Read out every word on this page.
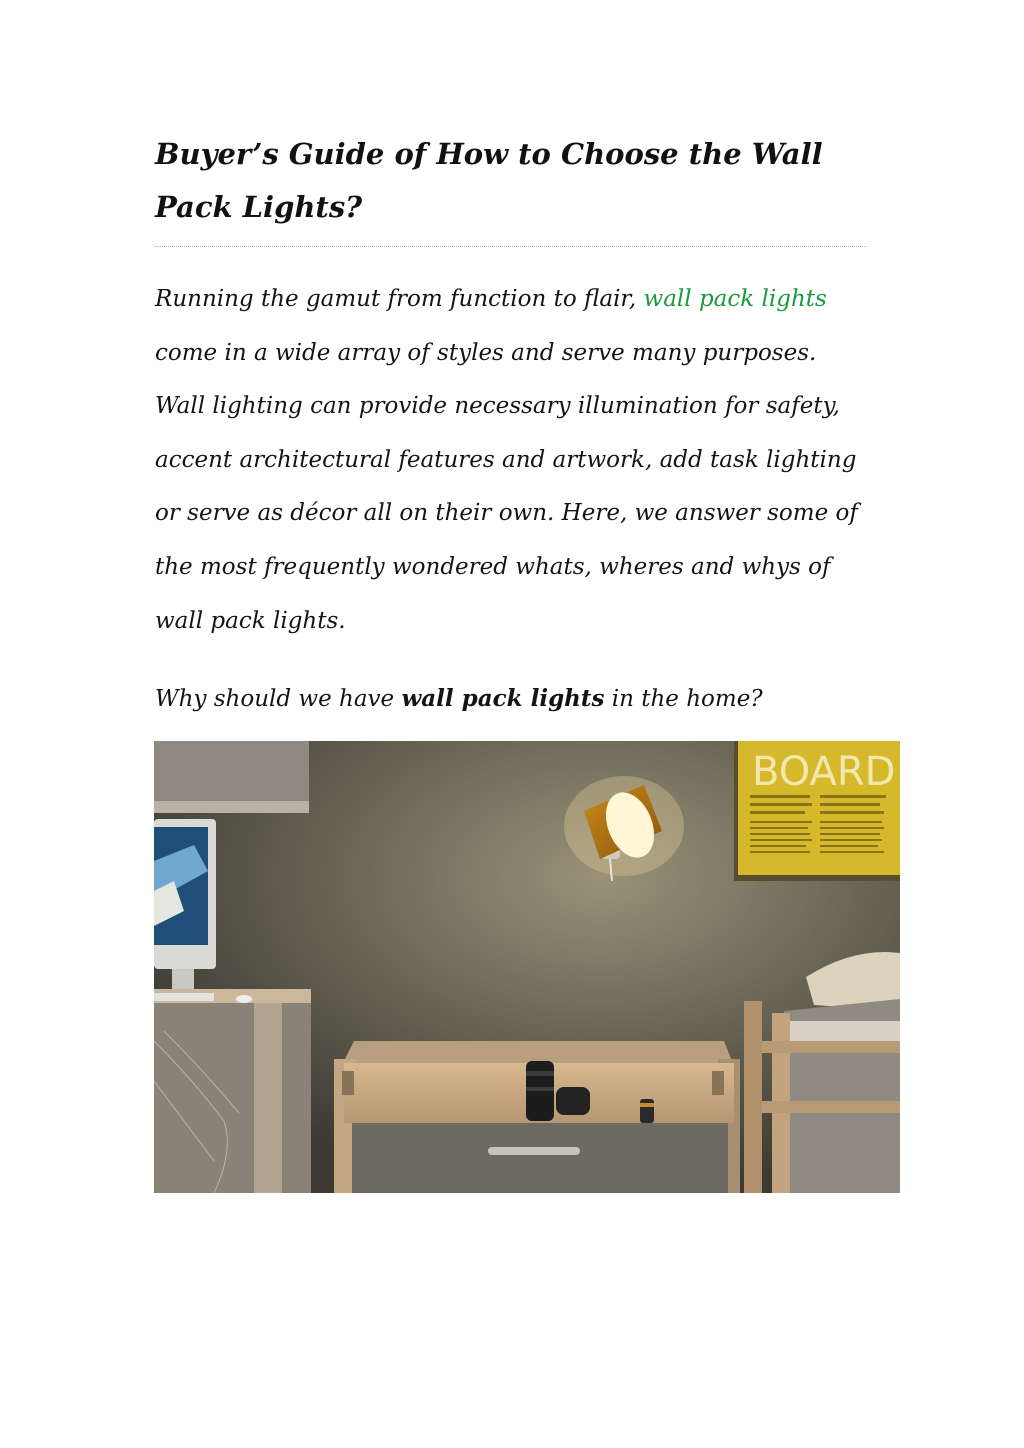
Buyer’s Guide of How to Choose the Wall Pack Lights?

Running the gamut from function to flair, wall pack lights come in a wide array of styles and serve many purposes. Wall lighting can provide necessary illumination for safety, accent architectural features and artwork, add task lighting or serve as décor all on their own. Here, we answer some of the most frequently wondered whats, wheres and whys of wall pack lights.

Why should we have wall pack lights in the home?

BOARD
